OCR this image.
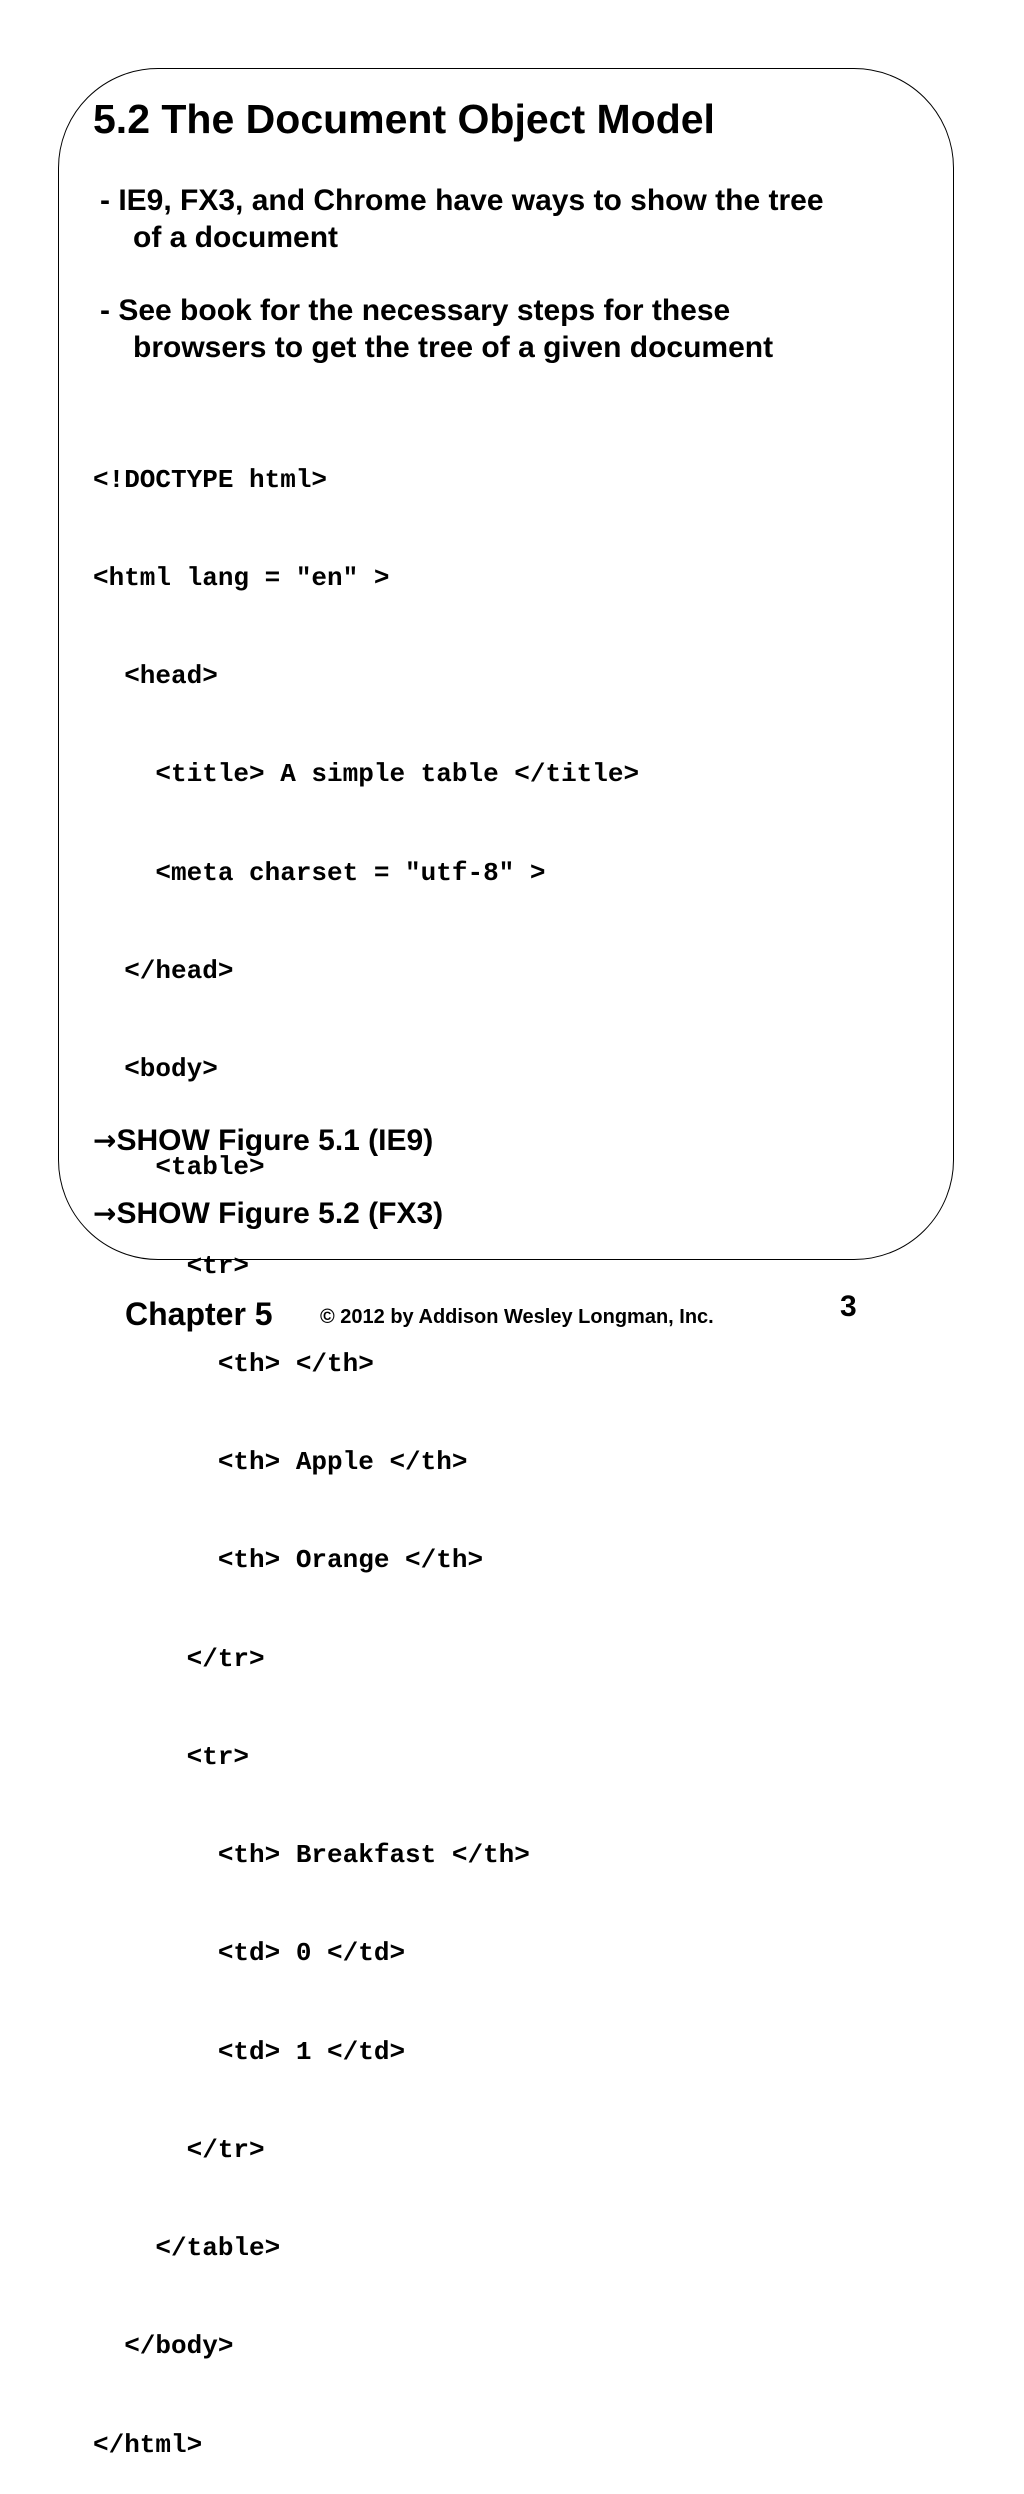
5.2 The Document Object Model

- IE9, FX3, and Chrome have ways to show the tree
of a document

- See book for the necessary steps for these
browsers to get the tree of a given document

<!DOCTYPE html>

<html lang = ″en″ >

<head>

<title> A simple table </title>

<meta charset = ″utf-8″ >

</head>

<body>

<table>

<tr>

<th> </th>

<th> Apple </th>

<th> Orange </th>

</tr>

<tr>

<th> Breakfast </th>

<td> 0 </td>

<td> 1 </td>

</tr>

</table>

</body>

</html>

→SHOW Figure 5.1 (IE9)

→SHOW Figure 5.2 (FX3)

Chapter 5 © 2012 by Addison Wesley Longman, Inc.	3
